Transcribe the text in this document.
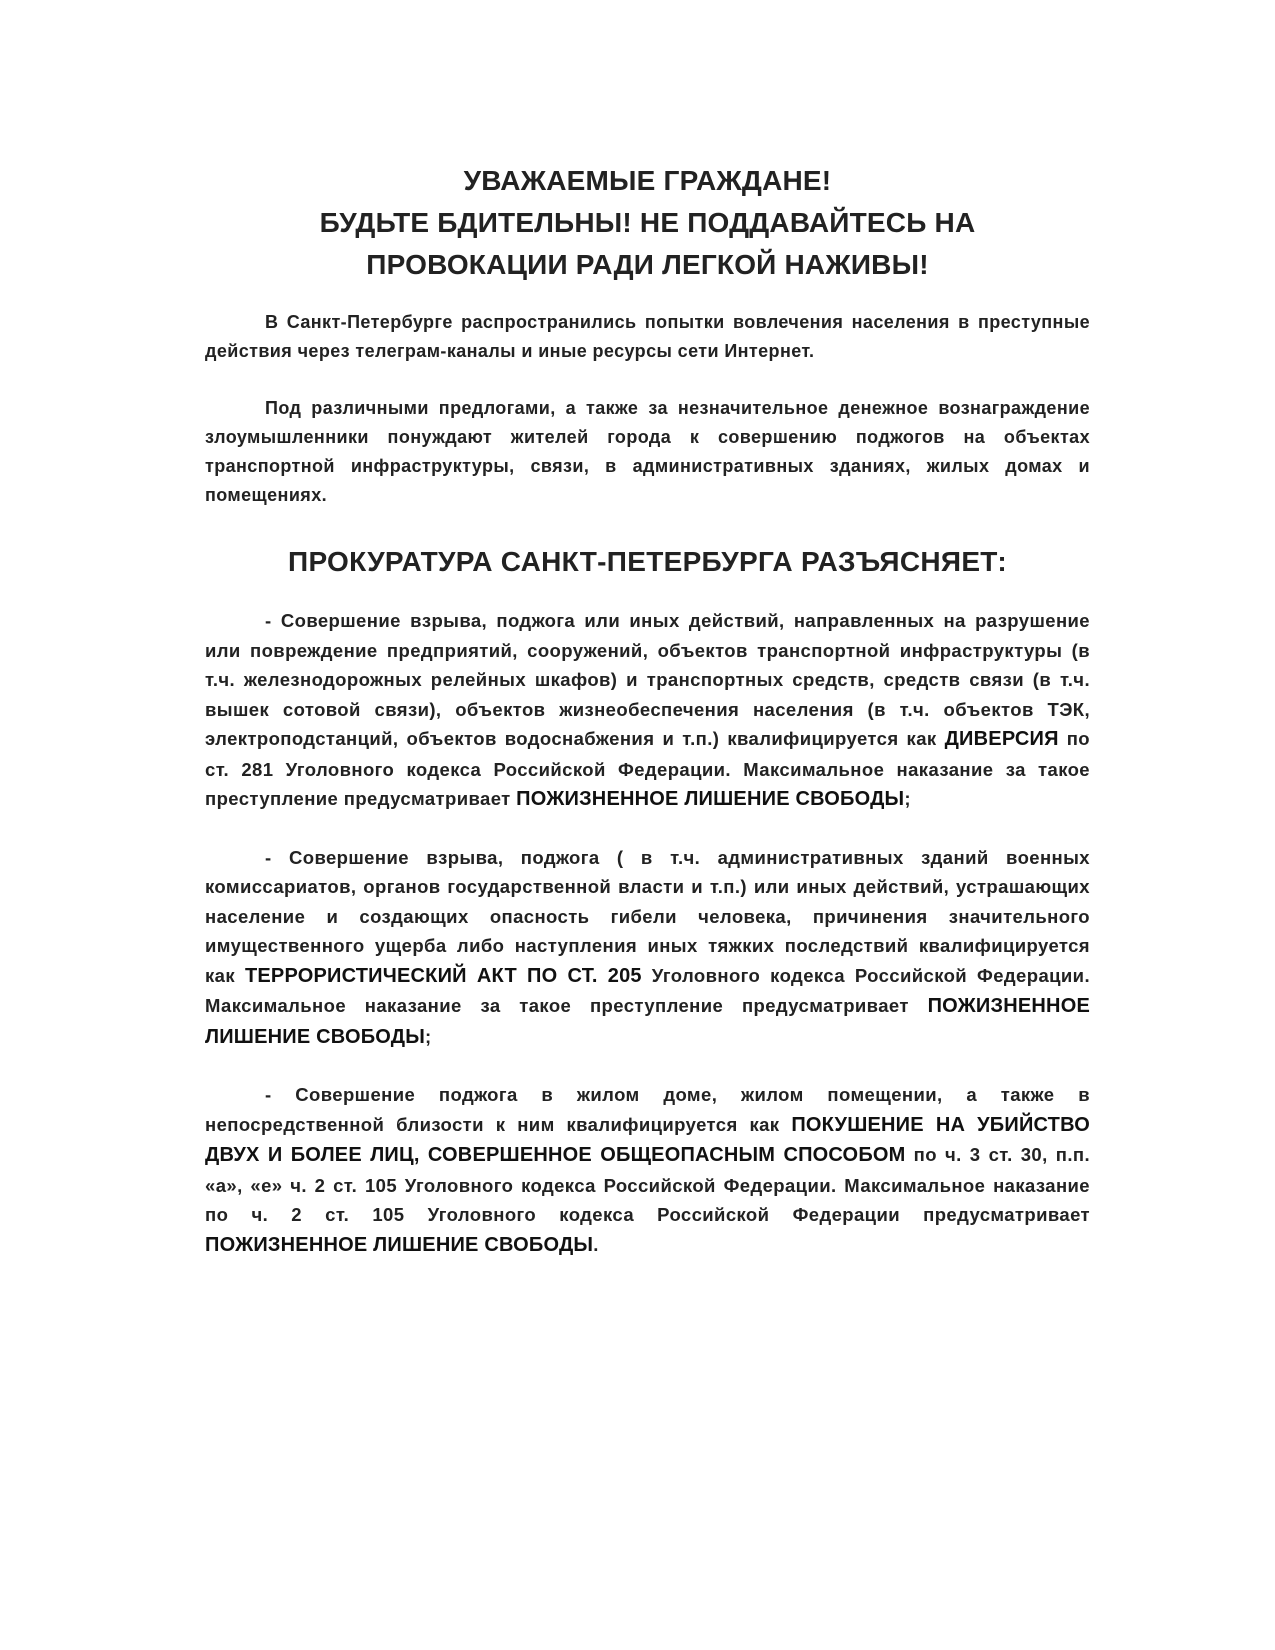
УВАЖАЕМЫЕ ГРАЖДАНЕ!
БУДЬТЕ БДИТЕЛЬНЫ! НЕ ПОДДАВАЙТЕСЬ НА
ПРОВОКАЦИИ РАДИ ЛЕГКОЙ НАЖИВЫ!

В Санкт-Петербурге распространились попытки вовлечения населения в преступные действия через телеграм-каналы и иные ресурсы сети Интернет.

Под различными предлогами, а также за незначительное денежное вознаграждение злоумышленники понуждают жителей города к совершению поджогов на объектах транспортной инфраструктуры, связи, в административных зданиях, жилых домах и помещениях.

ПРОКУРАТУРА САНКТ-ПЕТЕРБУРГА РАЗЪЯСНЯЕТ:

- Совершение взрыва, поджога или иных действий, направленных на разрушение или повреждение предприятий, сооружений, объектов транспортной инфраструктуры (в т.ч. железнодорожных релейных шкафов) и транспортных средств, средств связи (в т.ч. вышек сотовой связи), объектов жизнеобеспечения населения (в т.ч. объектов ТЭК, электроподстанций, объектов водоснабжения и т.п.) квалифицируется как ДИВЕРСИЯ по ст. 281 Уголовного кодекса Российской Федерации. Максимальное наказание за такое преступление предусматривает ПОЖИЗНЕННОЕ ЛИШЕНИЕ СВОБОДЫ;

- Совершение взрыва, поджога ( в т.ч. административных зданий военных комиссариатов, органов государственной власти и т.п.) или иных действий, устрашающих население и создающих опасность гибели человека, причинения значительного имущественного ущерба либо наступления иных тяжких последствий квалифицируется как ТЕРРОРИСТИЧЕСКИЙ АКТ ПО СТ. 205 Уголовного кодекса Российской Федерации. Максимальное наказание за такое преступление предусматривает ПОЖИЗНЕННОЕ ЛИШЕНИЕ СВОБОДЫ;

- Совершение поджога в жилом доме, жилом помещении, а также в непосредственной близости к ним квалифицируется как ПОКУШЕНИЕ НА УБИЙСТВО ДВУХ И БОЛЕЕ ЛИЦ, СОВЕРШЕННОЕ ОБЩЕОПАСНЫМ СПОСОБОМ по ч. 3 ст. 30, п.п. «а», «е» ч. 2 ст. 105 Уголовного кодекса Российской Федерации. Максимальное наказание по ч. 2 ст. 105 Уголовного кодекса Российской Федерации предусматривает ПОЖИЗНЕННОЕ ЛИШЕНИЕ СВОБОДЫ.
